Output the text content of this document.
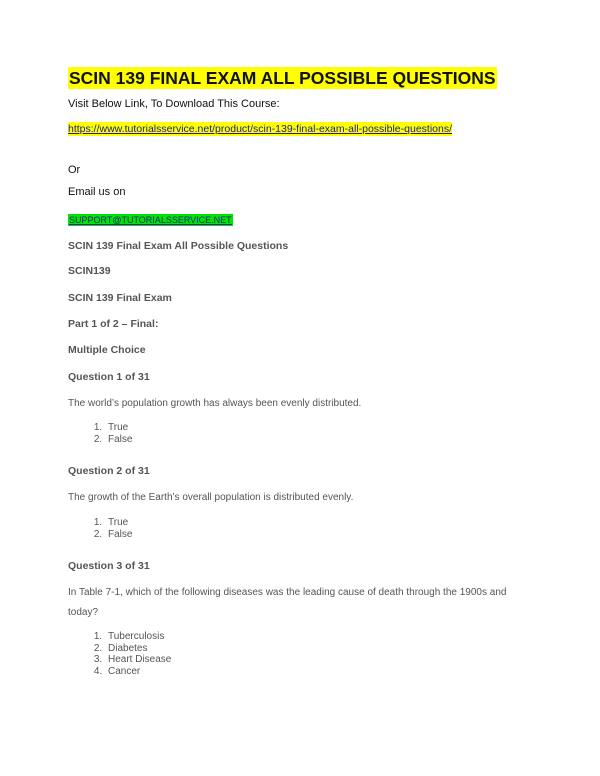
SCIN 139 FINAL EXAM ALL POSSIBLE QUESTIONS
Visit Below Link, To Download This Course:
https://www.tutorialsservice.net/product/scin-139-final-exam-all-possible-questions/
Or
Email us on
SUPPORT@TUTORIALSSERVICE.NET
SCIN 139 Final Exam All Possible Questions
SCIN139
SCIN 139 Final Exam
Part 1 of 2 – Final:
Multiple Choice
Question 1 of 31
The world’s population growth has always been evenly distributed.
1. True
2. False
Question 2 of 31
The growth of the Earth’s overall population is distributed evenly.
1. True
2. False
Question 3 of 31
In Table 7-1, which of the following diseases was the leading cause of death through the 1900s and
today?
1. Tuberculosis
2. Diabetes
3. Heart Disease
4. Cancer
